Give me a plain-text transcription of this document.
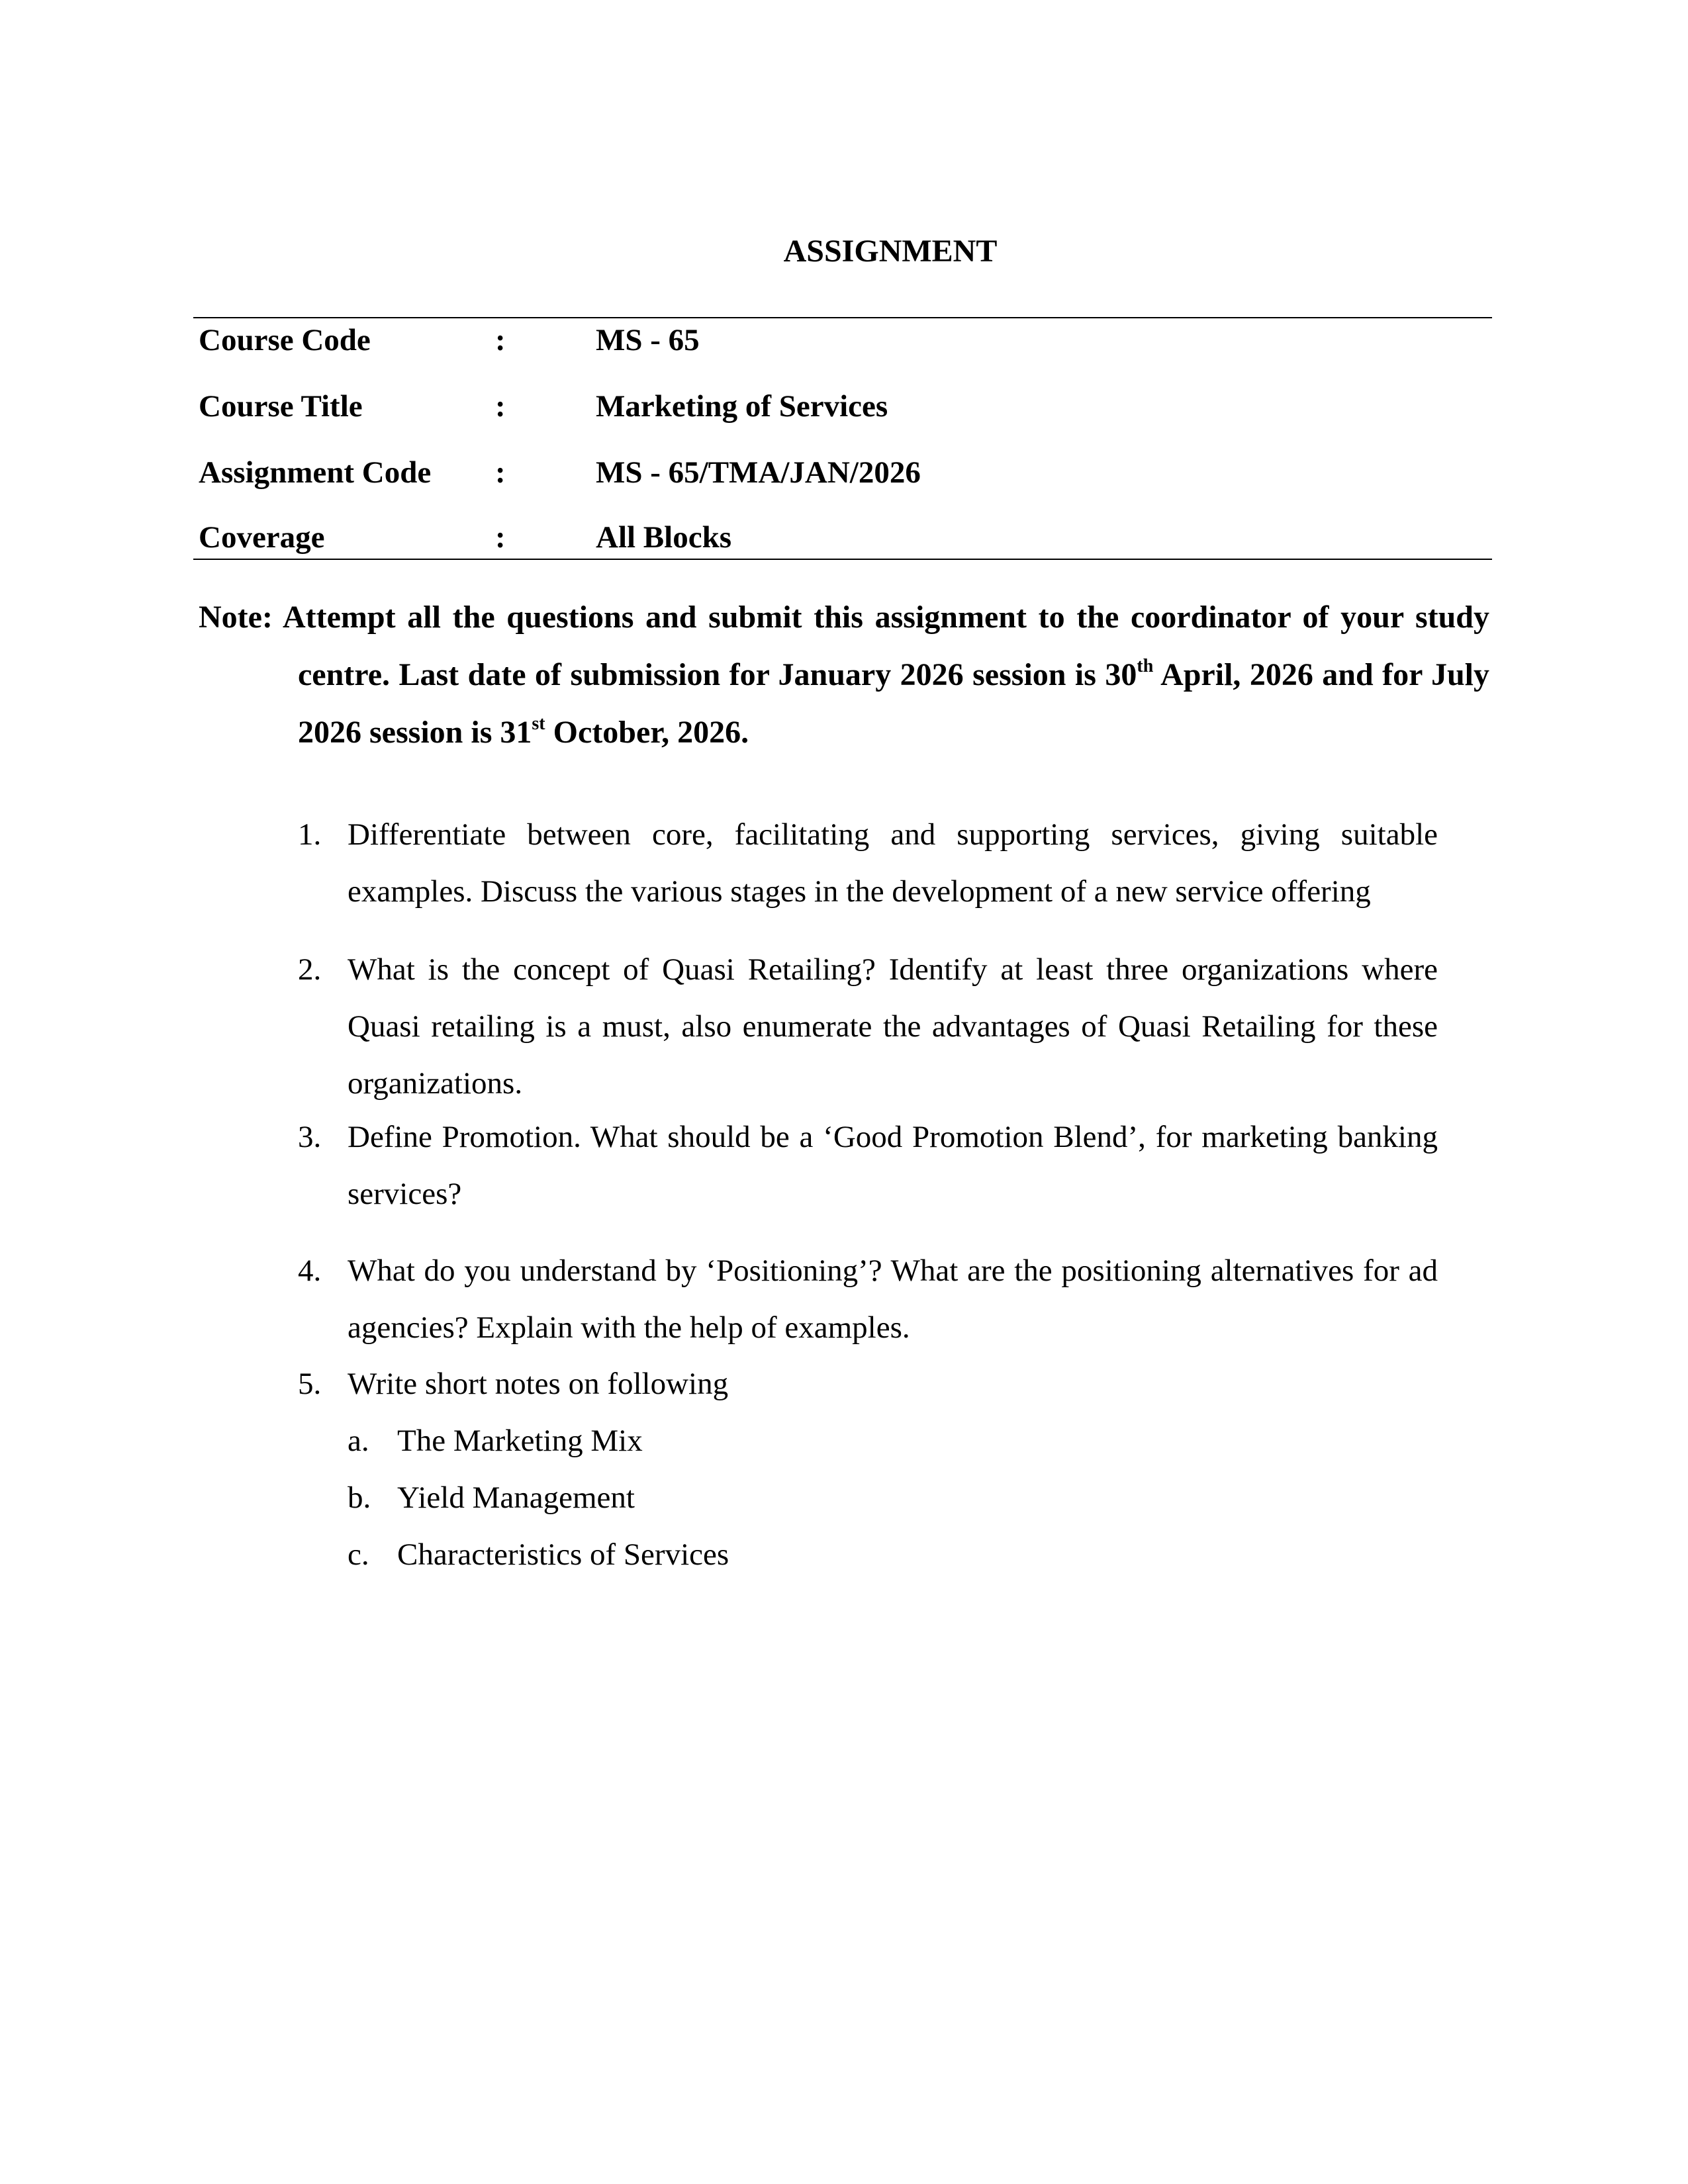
ASSIGNMENT
Course Code	:	MS - 65
Course Title	:	Marketing of Services
Assignment Code :	MS - 65/TMA/JAN/2026
Coverage	:	All Blocks
Note: Attempt all the questions and submit this assignment to the coordinator of your study centre. Last date of submission for January 2026 session is 30th April, 2026 and for July 2026 session is 31st October, 2026.
1. Differentiate between core, facilitating and supporting services, giving suitable examples. Discuss the various stages in the development of a new service offering
2. What is the concept of Quasi Retailing? Identify at least three organizations where Quasi retailing is a must, also enumerate the advantages of Quasi Retailing for these organizations.
3. Define Promotion. What should be a ‘Good Promotion Blend’, for marketing banking services?
4. What do you understand by ‘Positioning’? What are the positioning alternatives for ad agencies? Explain with the help of examples.
5. Write short notes on following
a. The Marketing Mix
b. Yield Management
c. Characteristics of Services
